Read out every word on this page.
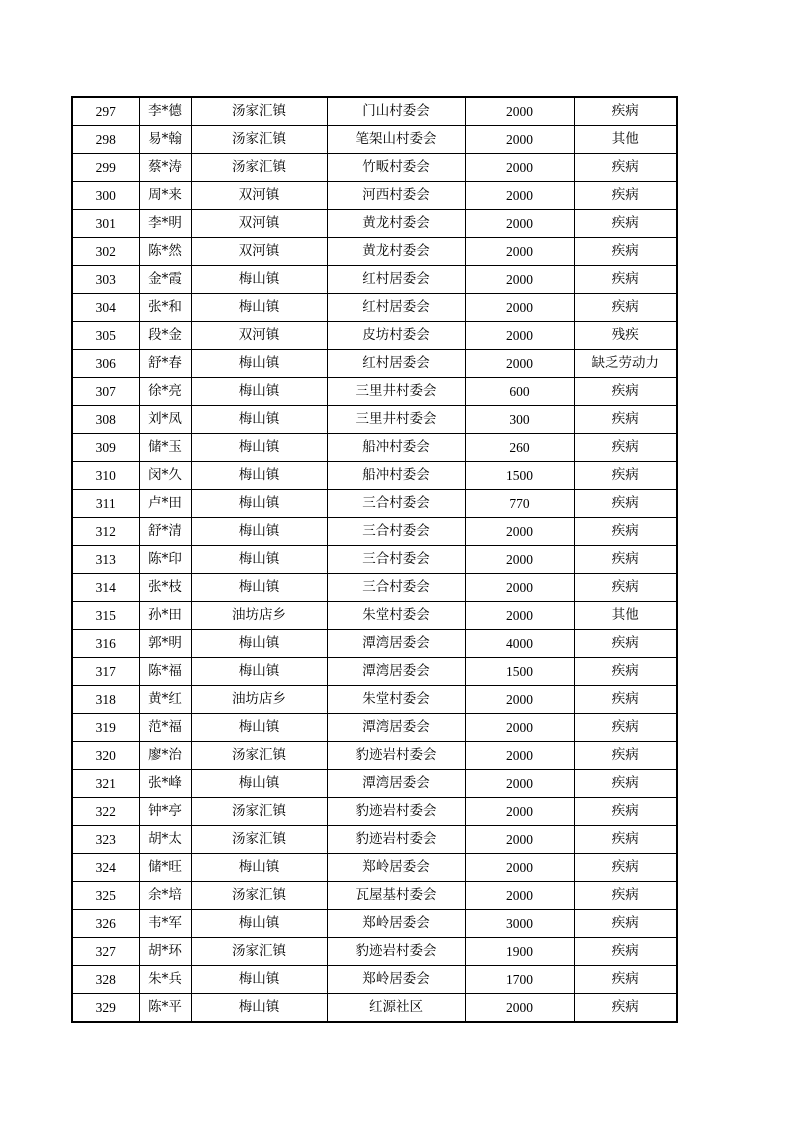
297	李*德	汤家汇镇	门山村委会	2000	疾病
298	易*翰	汤家汇镇	笔架山村委会	2000	其他
299	蔡*涛	汤家汇镇	竹畈村委会	2000	疾病
300	周*来	双河镇	河西村委会	2000	疾病
301	李*明	双河镇	黄龙村委会	2000	疾病
302	陈*然	双河镇	黄龙村委会	2000	疾病
303	金*霞	梅山镇	红村居委会	2000	疾病
304	张*和	梅山镇	红村居委会	2000	疾病
305	段*金	双河镇	皮坊村委会	2000	残疾
306	舒*春	梅山镇	红村居委会	2000	缺乏劳动力
307	徐*亮	梅山镇	三里井村委会	600	疾病
308	刘*凤	梅山镇	三里井村委会	300	疾病
309	储*玉	梅山镇	船冲村委会	260	疾病
310	闵*久	梅山镇	船冲村委会	1500	疾病
311	卢*田	梅山镇	三合村委会	770	疾病
312	舒*清	梅山镇	三合村委会	2000	疾病
313	陈*印	梅山镇	三合村委会	2000	疾病
314	张*枝	梅山镇	三合村委会	2000	疾病
315	孙*田	油坊店乡	朱堂村委会	2000	其他
316	郭*明	梅山镇	潭湾居委会	4000	疾病
317	陈*福	梅山镇	潭湾居委会	1500	疾病
318	黄*红	油坊店乡	朱堂村委会	2000	疾病
319	范*福	梅山镇	潭湾居委会	2000	疾病
320	廖*治	汤家汇镇	豹迹岩村委会	2000	疾病
321	张*峰	梅山镇	潭湾居委会	2000	疾病
322	钟*亭	汤家汇镇	豹迹岩村委会	2000	疾病
323	胡*太	汤家汇镇	豹迹岩村委会	2000	疾病
324	储*旺	梅山镇	郑岭居委会	2000	疾病
325	余*培	汤家汇镇	瓦屋基村委会	2000	疾病
326	韦*军	梅山镇	郑岭居委会	3000	疾病
327	胡*环	汤家汇镇	豹迹岩村委会	1900	疾病
328	朱*兵	梅山镇	郑岭居委会	1700	疾病
329	陈*平	梅山镇	红源社区	2000	疾病
